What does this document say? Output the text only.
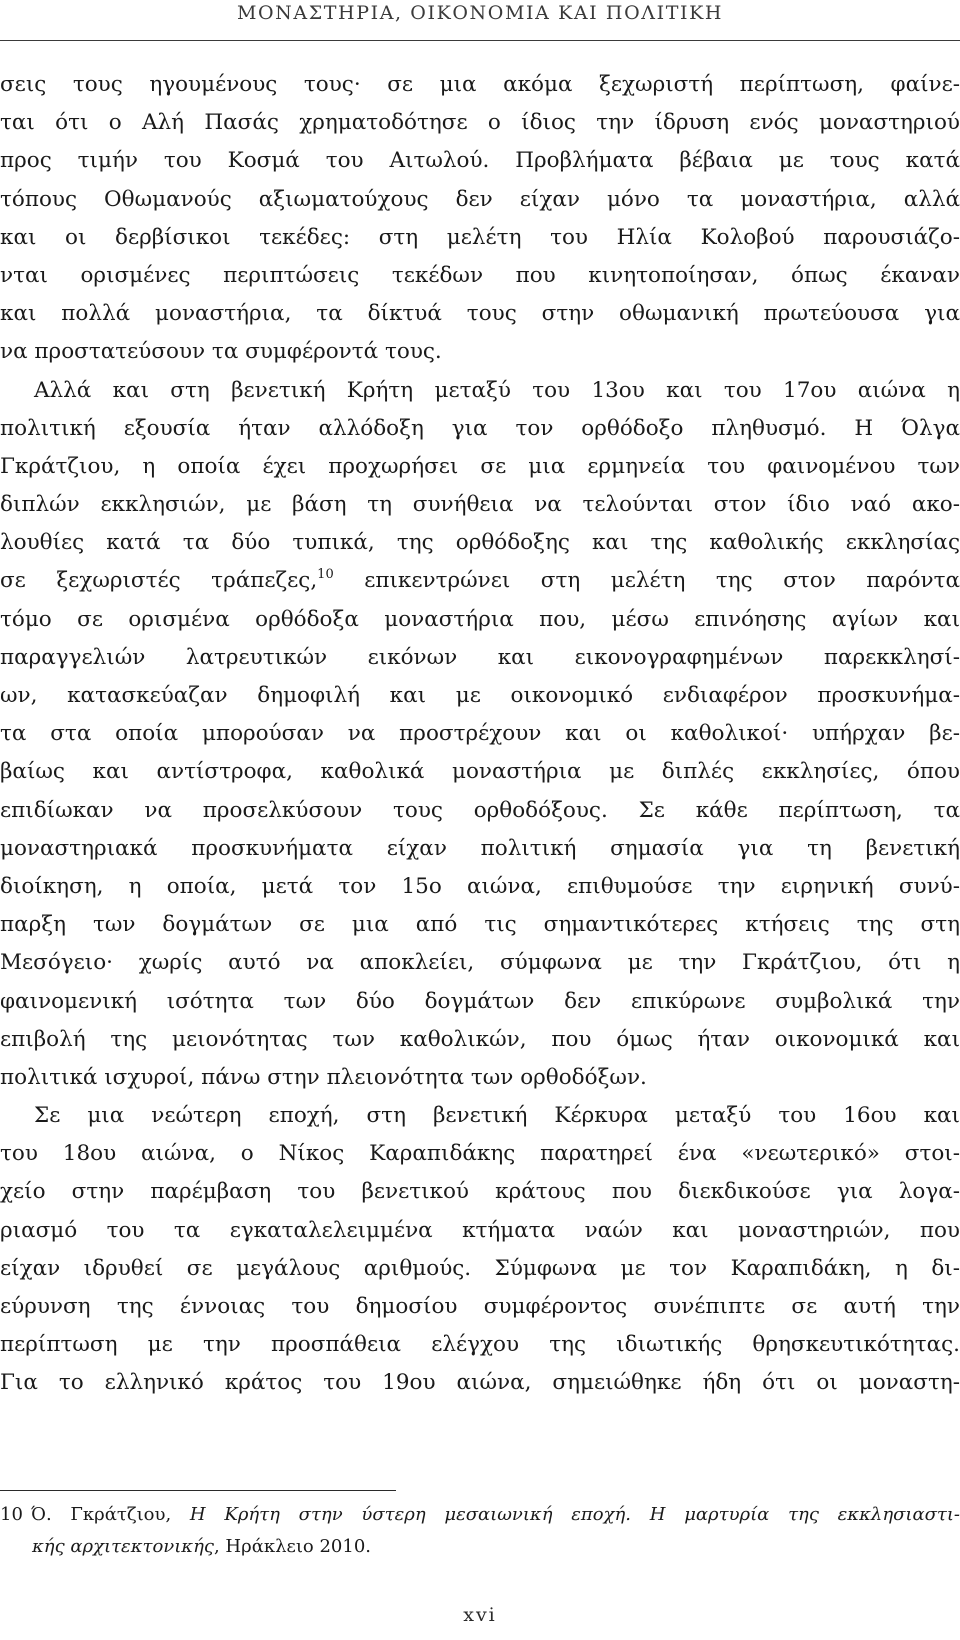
ΜΟΝΑΣΤΗΡΙΑ, ΟΙΚΟΝΟΜΙΑ ΚΑΙ ΠΟΛΙΤΙΚΗ
σεις τους ηγουμένους τους· σε μια ακόμα ξεχωριστή περίπτωση, φαίνε-
ται ότι ο Αλή Πασάς χρηματοδότησε ο ίδιος την ίδρυση ενός μοναστηριού
προς τιμήν του Κοσμά του Αιτωλού. Προβλήματα βέβαια με τους κατά
τόπους Οθωμανούς αξιωματούχους δεν είχαν μόνο τα μοναστήρια, αλλά
και οι δερβίσικοι τεκέδες: στη μελέτη του Ηλία Κολοβού παρουσιάζο-
νται ορισμένες περιπτώσεις τεκέδων που κινητοποίησαν, όπως έκαναν
και πολλά μοναστήρια, τα δίκτυά τους στην οθωμανική πρωτεύουσα για
να προστατεύσουν τα συμφέροντά τους.
Αλλά και στη βενετική Κρήτη μεταξύ του 13ου και του 17ου αιώνα η
πολιτική εξουσία ήταν αλλόδοξη για τον ορθόδοξο πληθυσμό. Η Όλγα
Γκράτζιου, η οποία έχει προχωρήσει σε μια ερμηνεία του φαινομένου των
διπλών εκκλησιών, με βάση τη συνήθεια να τελούνται στον ίδιο ναό ακο-
λουθίες κατά τα δύο τυπικά, της ορθόδοξης και της καθολικής εκκλησίας
σε ξεχωριστές τράπεζες,$^{10}$ επικεντρώνει στη μελέτη της στον παρόντα
τόμο σε ορισμένα ορθόδοξα μοναστήρια που, μέσω επινόησης αγίων και
παραγγελιών λατρευτικών εικόνων και εικονογραφημένων παρεκκλησί-
ων, κατασκεύαζαν δημοφιλή και με οικονομικό ενδιαφέρον προσκυνήμα-
τα στα οποία μπορούσαν να προστρέχουν και οι καθολικοί· υπήρχαν βε-
βαίως και αντίστροφα, καθολικά μοναστήρια με διπλές εκκλησίες, όπου
επιδίωκαν να προσελκύσουν τους ορθοδόξους. Σε κάθε περίπτωση, τα
μοναστηριακά προσκυνήματα είχαν πολιτική σημασία για τη βενετική
διοίκηση, η οποία, μετά τον 15ο αιώνα, επιθυμούσε την ειρηνική συνύ-
παρξη των δογμάτων σε μια από τις σημαντικότερες κτήσεις της στη
Μεσόγειο· χωρίς αυτό να αποκλείει, σύμφωνα με την Γκράτζιου, ότι η
φαινομενική ισότητα των δύο δογμάτων δεν επικύρωνε συμβολικά την
επιβολή της μειονότητας των καθολικών, που όμως ήταν οικονομικά και
πολιτικά ισχυροί, πάνω στην πλειονότητα των ορθοδόξων.
Σε μια νεώτερη εποχή, στη βενετική Κέρκυρα μεταξύ του 16ου και
του 18ου αιώνα, ο Νίκος Καραπιδάκης παρατηρεί ένα «νεωτερικό» στοι-
χείο στην παρέμβαση του βενετικού κράτους που διεκδικούσε για λογα-
ριασμό του τα εγκαταλελειμμένα κτήματα ναών και μοναστηριών, που
είχαν ιδρυθεί σε μεγάλους αριθμούς. Σύμφωνα με τον Καραπιδάκη, η δι-
εύρυνση της έννοιας του δημοσίου συμφέροντος συνέπιπτε σε αυτή την
περίπτωση με την προσπάθεια ελέγχου της ιδιωτικής θρησκευτικότητας.
Για το ελληνικό κράτος του 19ου αιώνα, σημειώθηκε ήδη ότι οι μοναστη-
10 Ό. Γκράτζιου, Η Κρήτη στην ύστερη μεσαιωνική εποχή. Η μαρτυρία της εκκλησιαστι-
κής αρχιτεκτονικής, Ηράκλειο 2010.
xvi
